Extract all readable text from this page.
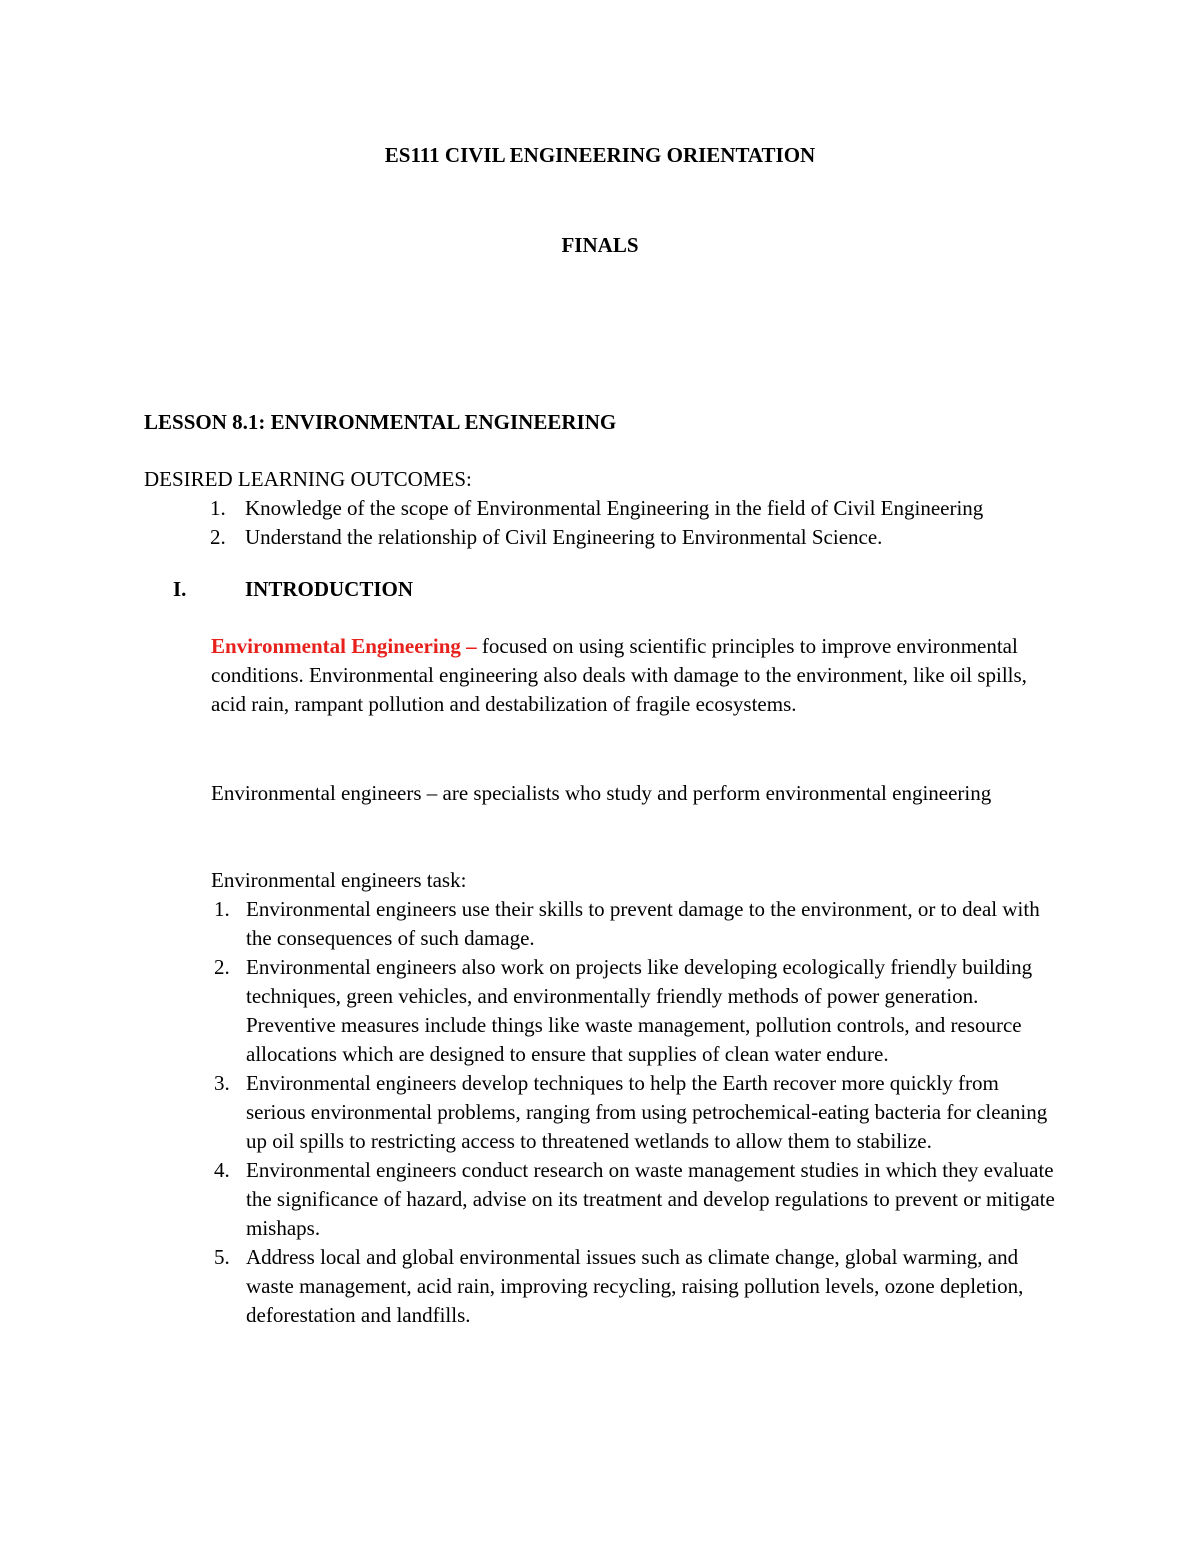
ES111 CIVIL ENGINEERING ORIENTATION
FINALS
LESSON 8.1: ENVIRONMENTAL ENGINEERING
DESIRED LEARNING OUTCOMES:
1. Knowledge of the scope of Environmental Engineering in the field of Civil Engineering
2. Understand the relationship of Civil Engineering to Environmental Science.
I.	INTRODUCTION
Environmental Engineering – focused on using scientific principles to improve environmental conditions. Environmental engineering also deals with damage to the environment, like oil spills, acid rain, rampant pollution and destabilization of fragile ecosystems.
Environmental engineers – are specialists who study and perform environmental engineering
Environmental engineers task:
1. Environmental engineers use their skills to prevent damage to the environment, or to deal with the consequences of such damage.
2. Environmental engineers also work on projects like developing ecologically friendly building techniques, green vehicles, and environmentally friendly methods of power generation. Preventive measures include things like waste management, pollution controls, and resource allocations which are designed to ensure that supplies of clean water endure.
3. Environmental engineers develop techniques to help the Earth recover more quickly from serious environmental problems, ranging from using petrochemical-eating bacteria for cleaning up oil spills to restricting access to threatened wetlands to allow them to stabilize.
4. Environmental engineers conduct research on waste management studies in which they evaluate the significance of hazard, advise on its treatment and develop regulations to prevent or mitigate mishaps.
5. Address local and global environmental issues such as climate change, global warming, and waste management, acid rain, improving recycling, raising pollution levels, ozone depletion, deforestation and landfills.
